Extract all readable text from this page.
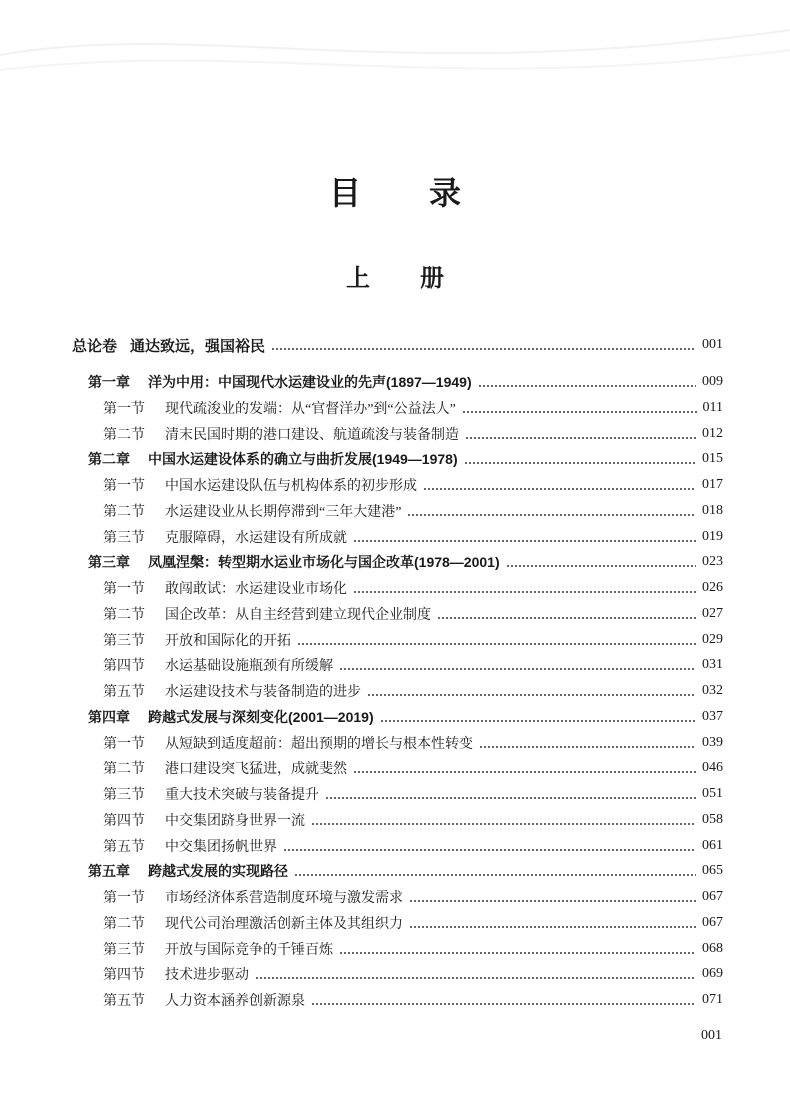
目 录
上 册
总论卷 通达致远，强国裕民	001
第一章	洋为中用：中国现代水运建设业的先声(1897—1949)	009
第一节	现代疏浚业的发端：从“官督洋办”到“公益法人”	011
第二节	清末民国时期的港口建设、航道疏浚与装备制造	012
第二章	中国水运建设体系的确立与曲折发展(1949—1978)	015
第一节	中国水运建设队伍与机构体系的初步形成	017
第二节	水运建设业从长期停滞到“三年大建港”	018
第三节	克服障碍，水运建设有所成就	019
第三章	凤凰涅槃：转型期水运业市场化与国企改革(1978—2001)	023
第一节	敢闯敢试：水运建设业市场化	026
第二节	国企改革：从自主经营到建立现代企业制度	027
第三节	开放和国际化的开拓	029
第四节	水运基础设施瓶颈有所缓解	031
第五节	水运建设技术与装备制造的进步	032
第四章	跨越式发展与深刻变化(2001—2019)	037
第一节	从短缺到适度超前：超出预期的增长与根本性转变	039
第二节	港口建设突飞猛进，成就斐然	046
第三节	重大技术突破与装备提升	051
第四节	中交集团跻身世界一流	058
第五节	中交集团扬帆世界	061
第五章	跨越式发展的实现路径	065
第一节	市场经济体系营造制度环境与激发需求	067
第二节	现代公司治理激活创新主体及其组织力	067
第三节	开放与国际竞争的千锤百炼	068
第四节	技术进步驱动	069
第五节	人力资本涵养创新源泉	071
001
